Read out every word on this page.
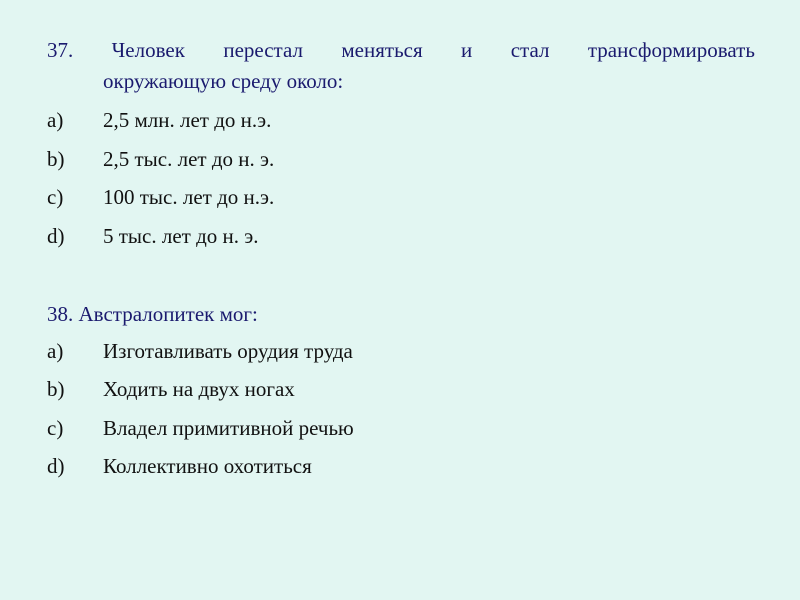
37. Человек перестал меняться и стал трансформировать
окружающую среду около:
a) 2,5 млн. лет до н.э.
b) 2,5 тыс. лет до н. э.
c) 100 тыс. лет до н.э.
d) 5 тыс. лет до н. э.
38. Австралопитек мог:
a) Изготавливать орудия труда
b) Ходить на двух ногах
c) Владел примитивной речью
d) Коллективно охотиться
